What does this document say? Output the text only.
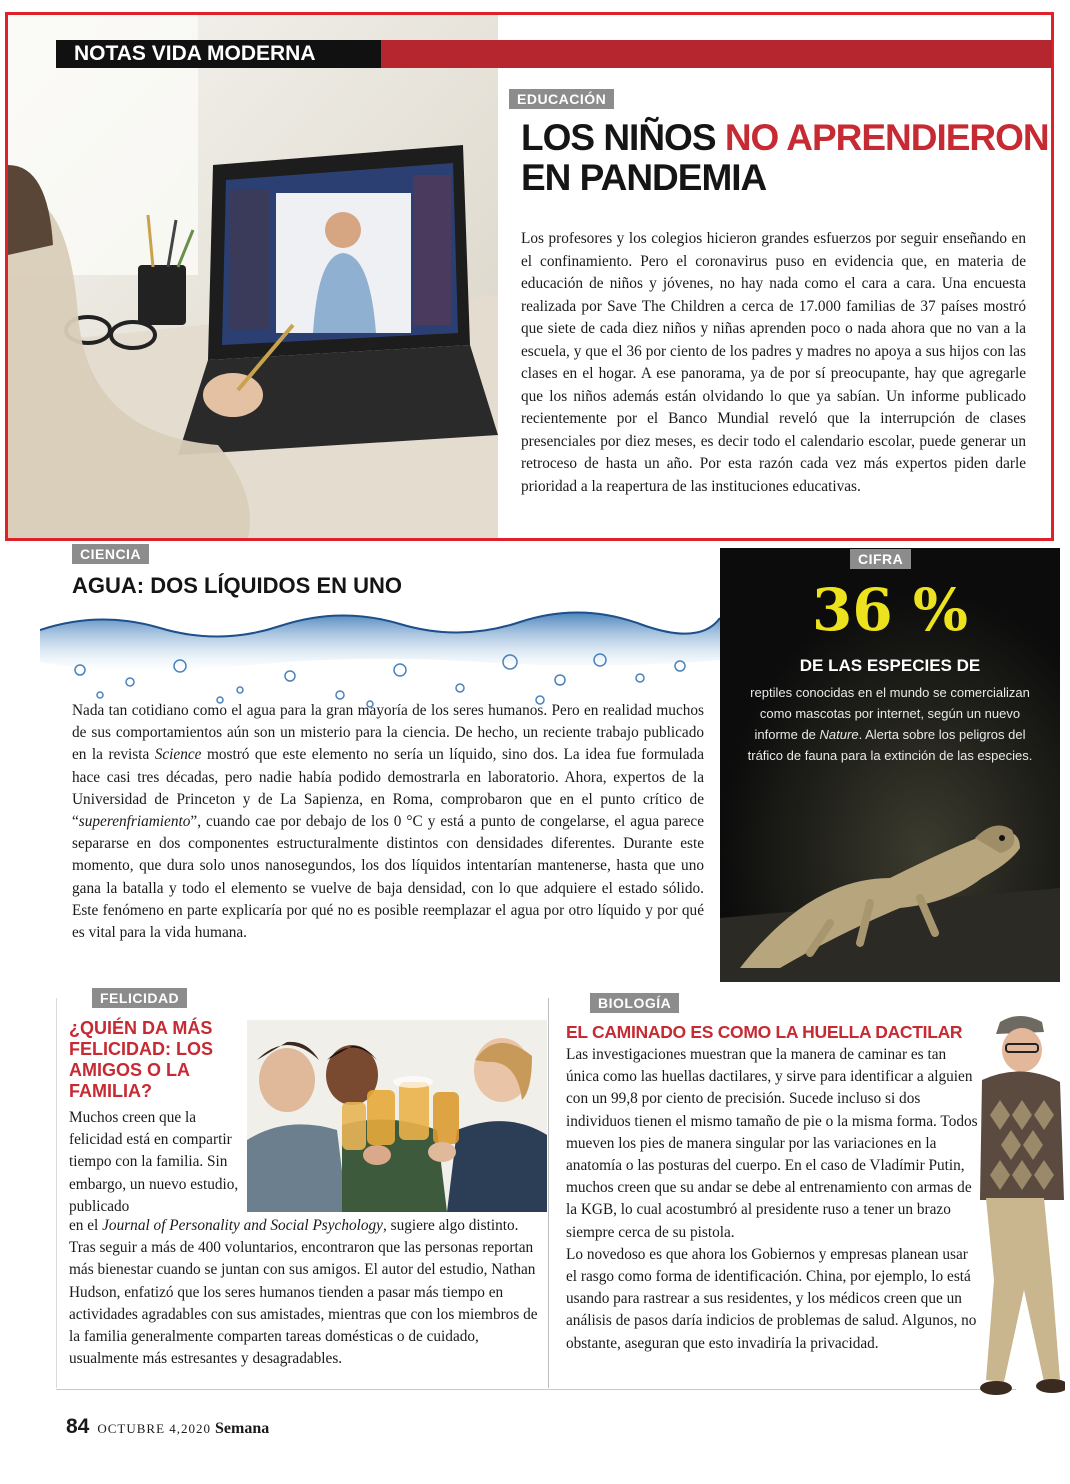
NOTAS VIDA MODERNA
EDUCACIÓN
LOS NIÑOS NO APRENDIERON
EN PANDEMIA

Los profesores y los colegios hicieron grandes esfuerzos por seguir enseñando en el confinamiento. Pero el coronavirus puso en evidencia que, en materia de educación de niños y jóvenes, no hay nada como el cara a cara. Una encuesta realizada por Save The Children a cerca de 17.000 familias de 37 países mostró que siete de cada diez niños y niñas aprenden poco o nada ahora que no van a la escuela, y que el 36 por ciento de los padres y madres no apoya a sus hijos con las clases en el hogar. A ese panorama, ya de por sí preocupante, hay que agregarle que los niños además están olvidando lo que ya sabían. Un informe publicado recientemente por el Banco Mundial reveló que la interrupción de clases presenciales por diez meses, es decir todo el calendario escolar, puede generar un retroceso de hasta un año. Por esta razón cada vez más expertos piden darle prioridad a la reapertura de las instituciones educativas.

CIENCIA
AGUA: DOS LÍQUIDOS EN UNO

Nada tan cotidiano como el agua para la gran mayoría de los seres humanos. Pero en realidad muchos de sus comportamientos aún son un misterio para la ciencia. De hecho, un reciente trabajo publicado en la revista Science mostró que este elemento no sería un líquido, sino dos. La idea fue formulada hace casi tres décadas, pero nadie había podido demostrarla en laboratorio. Ahora, expertos de la Universidad de Princeton y de La Sapienza, en Roma, comprobaron que en el punto crítico de “superenfriamiento”, cuando cae por debajo de los 0 °C y está a punto de congelarse, el agua parece separarse en dos componentes estructuralmente distintos con densidades diferentes. Durante este momento, que dura solo unos nanosegundos, los dos líquidos intentarían mantenerse, hasta que uno gana la batalla y todo el elemento se vuelve de baja densidad, con lo que adquiere el estado sólido. Este fenómeno en parte explicaría por qué no es posible reemplazar el agua por otro líquido y por qué es vital para la vida humana.

CIFRA
36 %
DE LAS ESPECIES DE

reptiles conocidas en el mundo se comercializan como mascotas por internet, según un nuevo informe de Nature. Alerta sobre los peligros del tráfico de fauna para la extinción de las especies.

FELICIDAD
¿QUIÉN DA MÁS FELICIDAD: LOS AMIGOS O LA FAMILIA?

Muchos creen que la felicidad está en compartir tiempo con la familia. Sin embargo, un nuevo estudio, publicado

en el Journal of Personality and Social Psychology, sugiere algo distinto. Tras seguir a más de 400 voluntarios, encontraron que las personas reportan más bienestar cuando se juntan con sus amigos. El autor del estudio, Nathan Hudson, enfatizó que los seres humanos tienden a pasar más tiempo en actividades agradables con sus amistades, mientras que con los miembros de la familia generalmente comparten tareas domésticas o de cuidado, usualmente más estresantes y desagradables.

BIOLOGÍA
EL CAMINADO ES COMO LA HUELLA DACTILAR

Las investigaciones muestran que la manera de caminar es tan única como las huellas dactilares, y sirve para identificar a alguien con un 99,8 por ciento de precisión. Sucede incluso si dos individuos tienen el mismo tamaño de pie o la misma forma. Todos mueven los pies de manera singular por las variaciones en la anatomía o las posturas del cuerpo. En el caso de Vladímir Putin, muchos creen que su andar se debe al entrenamiento con armas de la KGB, lo cual acostumbró al presidente ruso a tener un brazo siempre cerca de su pistola.

Lo novedoso es que ahora los Gobiernos y empresas planean usar el rasgo como forma de identificación. China, por ejemplo, lo está usando para rastrear a sus residentes, y los médicos creen que un análisis de pasos daría indicios de problemas de salud. Algunos, no obstante, aseguran que esto invadiría la privacidad.

84 OCTUBRE 4,2020 Semana
